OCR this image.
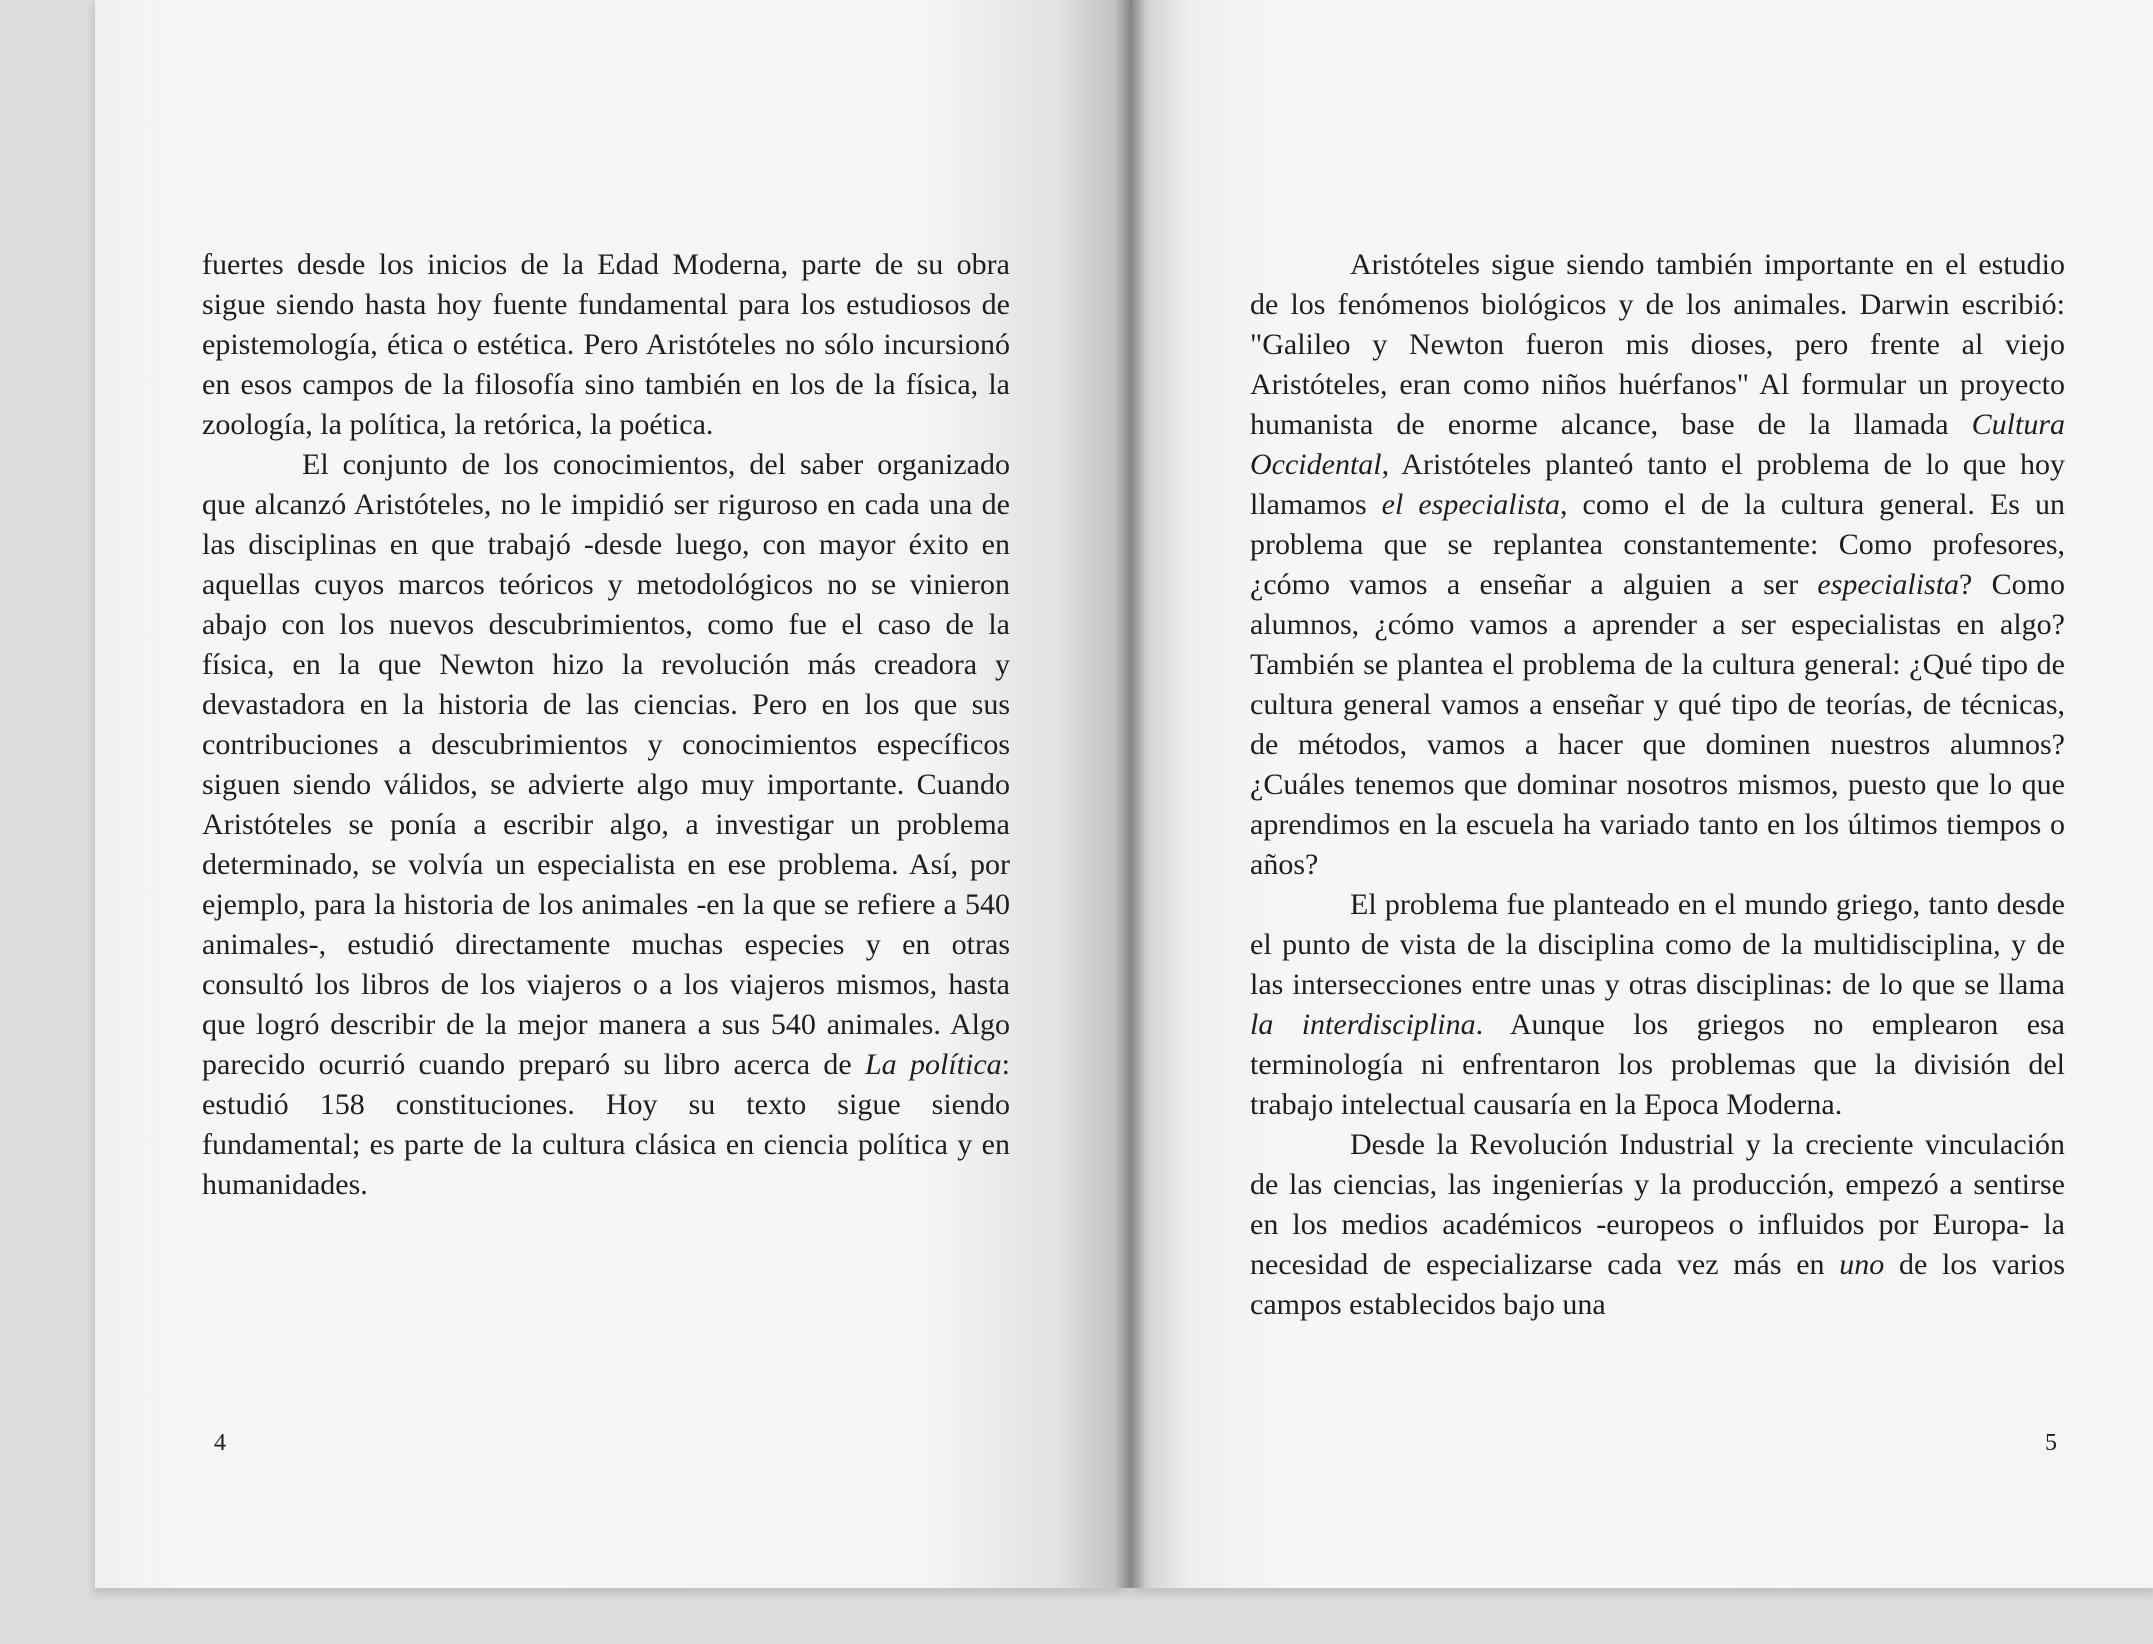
fuertes desde los inicios de la Edad Moderna, parte de su obra sigue siendo hasta hoy fuente fundamental para los estudiosos de epistemología, ética o estética. Pero Aristóteles no sólo incursionó en esos campos de la filosofía sino también en los de la física, la zoología, la política, la retórica, la poética.

El conjunto de los conocimientos, del saber organizado que alcanzó Aristóteles, no le impidió ser riguroso en cada una de las disciplinas en que trabajó -desde luego, con mayor éxito en aquellas cuyos marcos teóricos y metodológicos no se vinieron abajo con los nuevos descubrimientos, como fue el caso de la física, en la que Newton hizo la revolución más creadora y devastadora en la historia de las ciencias. Pero en los que sus contribuciones a descubrimientos y conocimientos específicos siguen siendo válidos, se advierte algo muy importante. Cuando Aristóteles se ponía a escribir algo, a investigar un problema determinado, se volvía un especialista en ese problema. Así, por ejemplo, para la historia de los animales -en la que se refiere a 540 animales-, estudió directamente muchas especies y en otras consultó los libros de los viajeros o a los viajeros mismos, hasta que logró describir de la mejor manera a sus 540 animales. Algo parecido ocurrió cuando preparó su libro acerca de La política: estudió 158 constituciones. Hoy su texto sigue siendo fundamental; es parte de la cultura clásica en ciencia política y en humanidades.

4

Aristóteles sigue siendo también importante en el estudio de los fenómenos biológicos y de los animales. Darwin escribió: "Galileo y Newton fueron mis dioses, pero frente al viejo Aristóteles, eran como niños huérfanos" Al formular un proyecto humanista de enorme alcance, base de la llamada Cultura Occidental, Aristóteles planteó tanto el problema de lo que hoy llamamos el especialista, como el de la cultura general. Es un problema que se replantea constantemente: Como profesores, ¿cómo vamos a enseñar a alguien a ser especialista? Como alumnos, ¿cómo vamos a aprender a ser especialistas en algo? También se plantea el problema de la cultura general: ¿Qué tipo de cultura general vamos a enseñar y qué tipo de teorías, de técnicas, de métodos, vamos a hacer que dominen nuestros alumnos? ¿Cuáles tenemos que dominar nosotros mismos, puesto que lo que aprendimos en la escuela ha variado tanto en los últimos tiempos o años?

El problema fue planteado en el mundo griego, tanto desde el punto de vista de la disciplina como de la multidisciplina, y de las intersecciones entre unas y otras disciplinas: de lo que se llama la interdisciplina. Aunque los griegos no emplearon esa terminología ni enfrentaron los problemas que la división del trabajo intelectual causaría en la Epoca Moderna.

Desde la Revolución Industrial y la creciente vinculación de las ciencias, las ingenierías y la producción, empezó a sentirse en los medios académicos -europeos o influidos por Europa- la necesidad de especializarse cada vez más en uno de los varios campos establecidos bajo una

5
